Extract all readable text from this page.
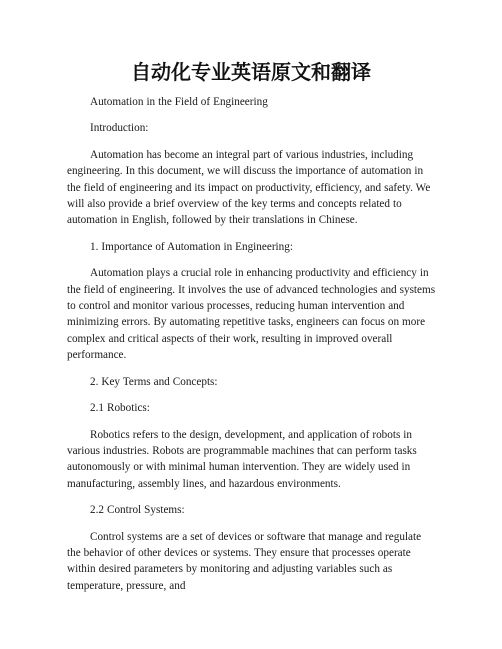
自动化专业英语原文和翻译

Automation in the Field of Engineering

Introduction:

Automation has become an integral part of various industries, including engineering. In this document, we will discuss the importance of automation in the field of engineering and its impact on productivity, efficiency, and safety. We will also provide a brief overview of the key terms and concepts related to automation in English, followed by their translations in Chinese.

1. Importance of Automation in Engineering:

Automation plays a crucial role in enhancing productivity and efficiency in the field of engineering. It involves the use of advanced technologies and systems to control and monitor various processes, reducing human intervention and minimizing errors. By automating repetitive tasks, engineers can focus on more complex and critical aspects of their work, resulting in improved overall performance.

2. Key Terms and Concepts:

2.1 Robotics:

Robotics refers to the design, development, and application of robots in various industries. Robots are programmable machines that can perform tasks autonomously or with minimal human intervention. They are widely used in manufacturing, assembly lines, and hazardous environments.

2.2 Control Systems:

Control systems are a set of devices or software that manage and regulate the behavior of other devices or systems. They ensure that processes operate within desired parameters by monitoring and adjusting variables such as temperature, pressure, and
